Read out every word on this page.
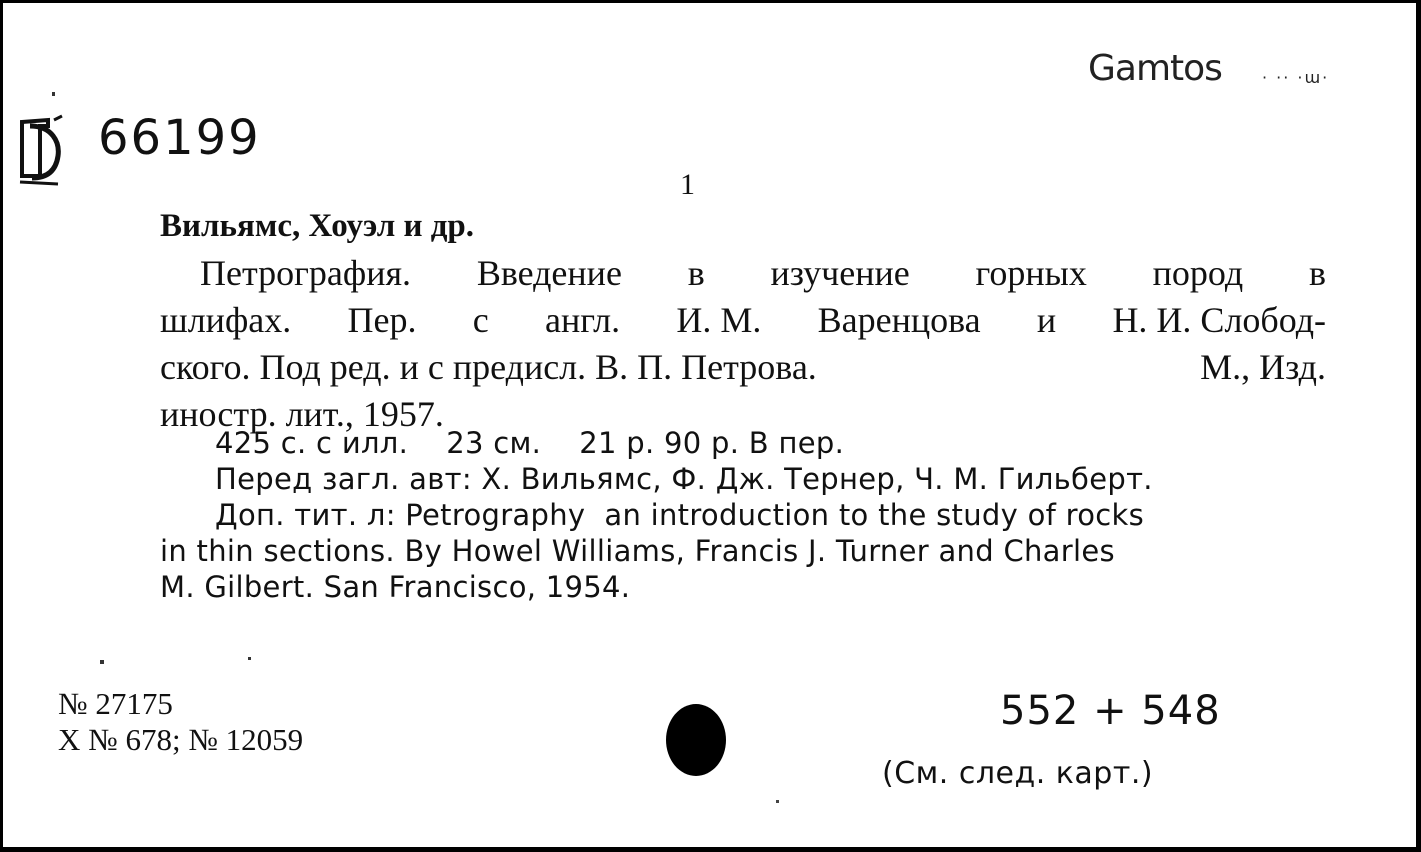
Gamtos	· ·· ·ɯ·
66199
1
Вильямс, Хоуэл и др.
Петрография. Введение в изучение горных пород в
шлифах. Пер. с англ. И. М. Варенцова и Н. И. Слобод-
ского. Под ред. и с предисл. В. П. Петрова.	М., Изд.
иностр. лит., 1957.
425 с. с илл.    23 см.    21 р. 90 р. В пер.
Перед загл. авт: Х. Вильямс, Ф. Дж. Тернер, Ч. М. Гильберт.
Доп. тит. л: Petrography  an introduction to the study of rocks
in thin sections. By Howel Williams, Francis J. Turner and Charles
M. Gilbert. San Francisco, 1954.
№ 27175
Х № 678; № 12059
552 + 548
(См. след. карт.)
